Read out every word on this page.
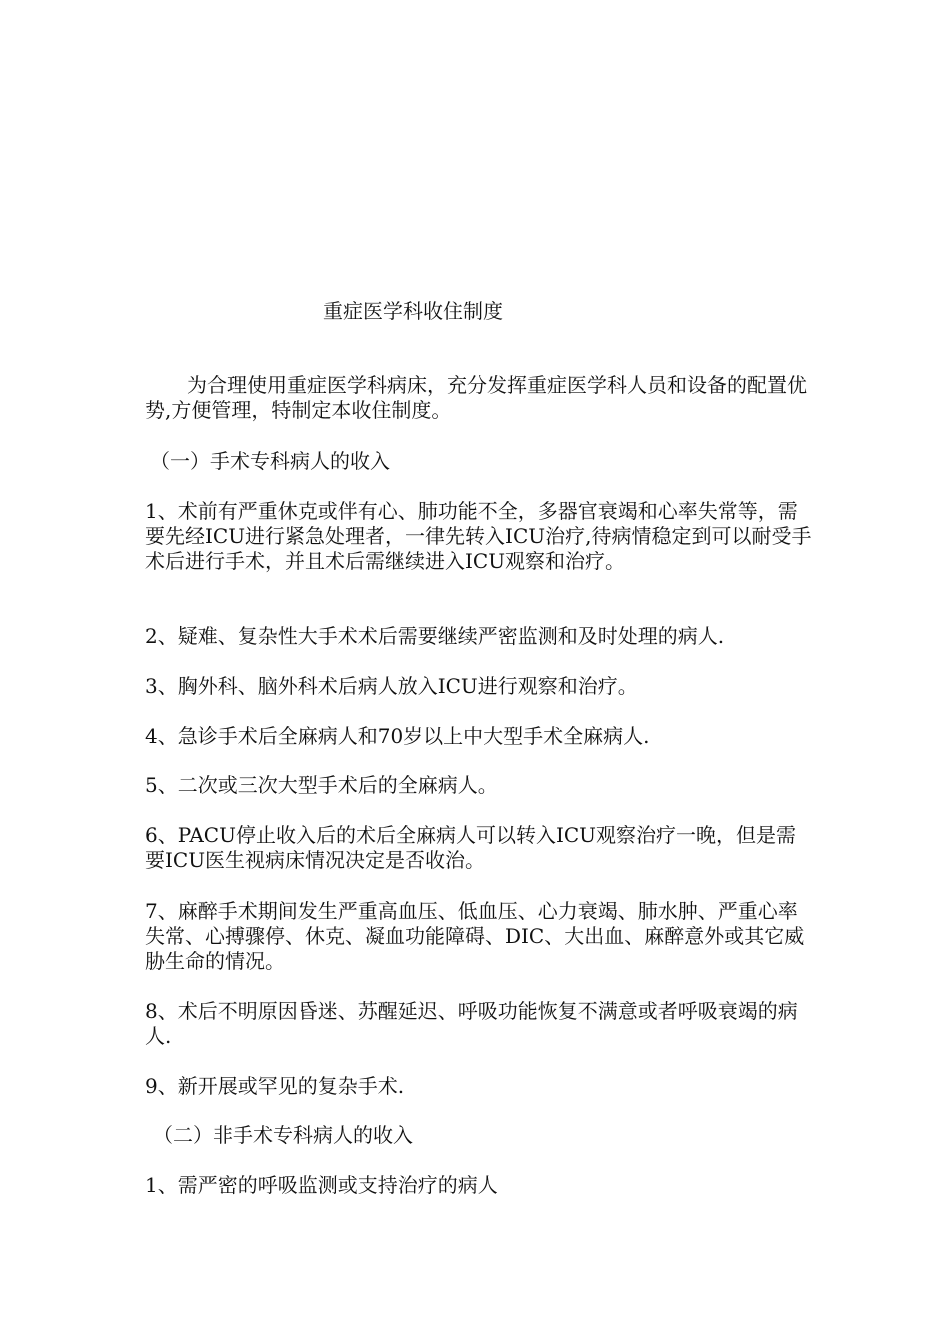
重症医学科收住制度
为合理使用重症医学科病床，充分发挥重症医学科人员和设备的配置优势,方便管理，特制定本收住制度。
（一）手术专科病人的收入
1、术前有严重休克或伴有心、肺功能不全，多器官衰竭和心率失常等，需要先经ICU进行紧急处理者，一律先转入ICU治疗,待病情稳定到可以耐受手术后进行手术，并且术后需继续进入ICU观察和治疗。
2、疑难、复杂性大手术术后需要继续严密监测和及时处理的病人.
3、胸外科、脑外科术后病人放入ICU进行观察和治疗。
4、急诊手术后全麻病人和70岁以上中大型手术全麻病人.
5、二次或三次大型手术后的全麻病人。
6、PACU停止收入后的术后全麻病人可以转入ICU观察治疗一晚，但是需要ICU医生视病床情况决定是否收治。
7、麻醉手术期间发生严重高血压、低血压、心力衰竭、肺水肿、严重心率失常、心搏骤停、休克、凝血功能障碍、DIC、大出血、麻醉意外或其它威胁生命的情况。
8、术后不明原因昏迷、苏醒延迟、呼吸功能恢复不满意或者呼吸衰竭的病人.
9、新开展或罕见的复杂手术.
（二）非手术专科病人的收入
1、需严密的呼吸监测或支持治疗的病人
